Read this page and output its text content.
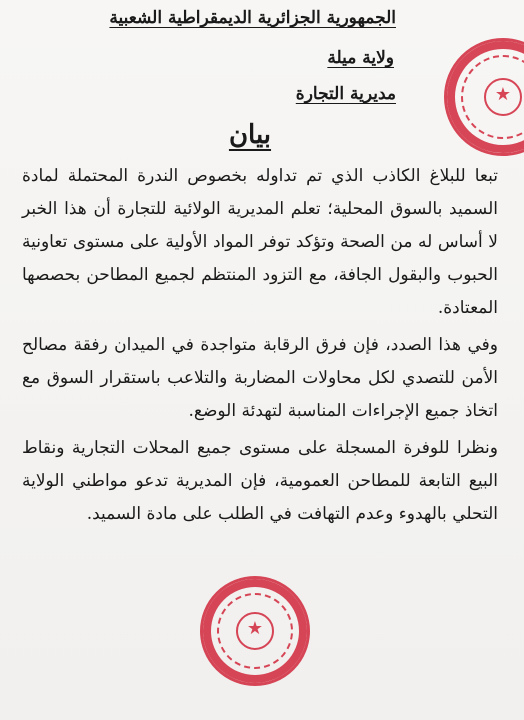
الجمهورية الجزائرية الديمقراطية الشعبية
ولاية ميلة
مديرية التجارة
★
بيان

تبعا للبلاغ الكاذب الذي تم تداوله بخصوص الندرة المحتملة لمادة السميد بالسوق المحلية؛ تعلم المديرية الولائية للتجارة أن هذا الخبر لا أساس له من الصحة وتؤكد توفر المواد الأولية على مستوى تعاونية الحبوب والبقول الجافة، مع التزود المنتظم لجميع المطاحن بحصصها المعتادة.

وفي هذا الصدد، فإن فرق الرقابة متواجدة في الميدان رفقة مصالح الأمن للتصدي لكل محاولات المضاربة والتلاعب باستقرار السوق مع اتخاذ جميع الإجراءات المناسبة لتهدئة الوضع.

ونظرا للوفرة المسجلة على مستوى جميع المحلات التجارية ونقاط البيع التابعة للمطاحن العمومية، فإن المديرية تدعو مواطني الولاية التحلي بالهدوء وعدم التهافت في الطلب على مادة السميد.

★
